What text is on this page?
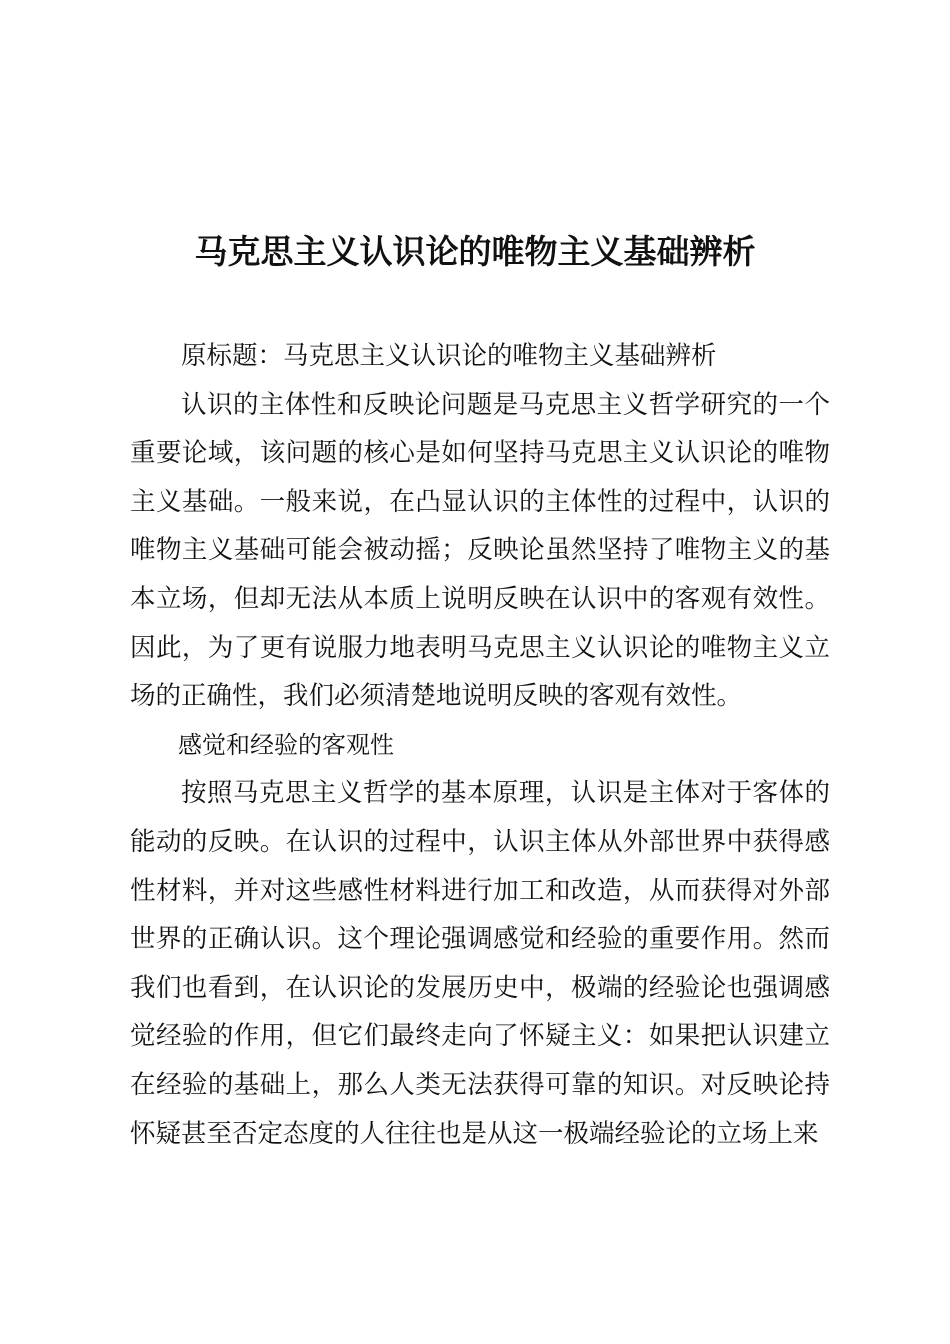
马克思主义认识论的唯物主义基础辨析

原标题：马克思主义认识论的唯物主义基础辨析

认识的主体性和反映论问题是马克思主义哲学研究的一个重要论域，该问题的核心是如何坚持马克思主义认识论的唯物主义基础。一般来说，在凸显认识的主体性的过程中，认识的唯物主义基础可能会被动摇；反映论虽然坚持了唯物主义的基本立场，但却无法从本质上说明反映在认识中的客观有效性。因此，为了更有说服力地表明马克思主义认识论的唯物主义立场的正确性，我们必须清楚地说明反映的客观有效性。

感觉和经验的客观性

按照马克思主义哲学的基本原理，认识是主体对于客体的能动的反映。在认识的过程中，认识主体从外部世界中获得感性材料，并对这些感性材料进行加工和改造，从而获得对外部世界的正确认识。这个理论强调感觉和经验的重要作用。然而我们也看到，在认识论的发展历史中，极端的经验论也强调感觉经验的作用，但它们最终走向了怀疑主义：如果把认识建立在经验的基础上，那么人类无法获得可靠的知识。对反映论持怀疑甚至否定态度的人往往也是从这一极端经验论的立场上来
